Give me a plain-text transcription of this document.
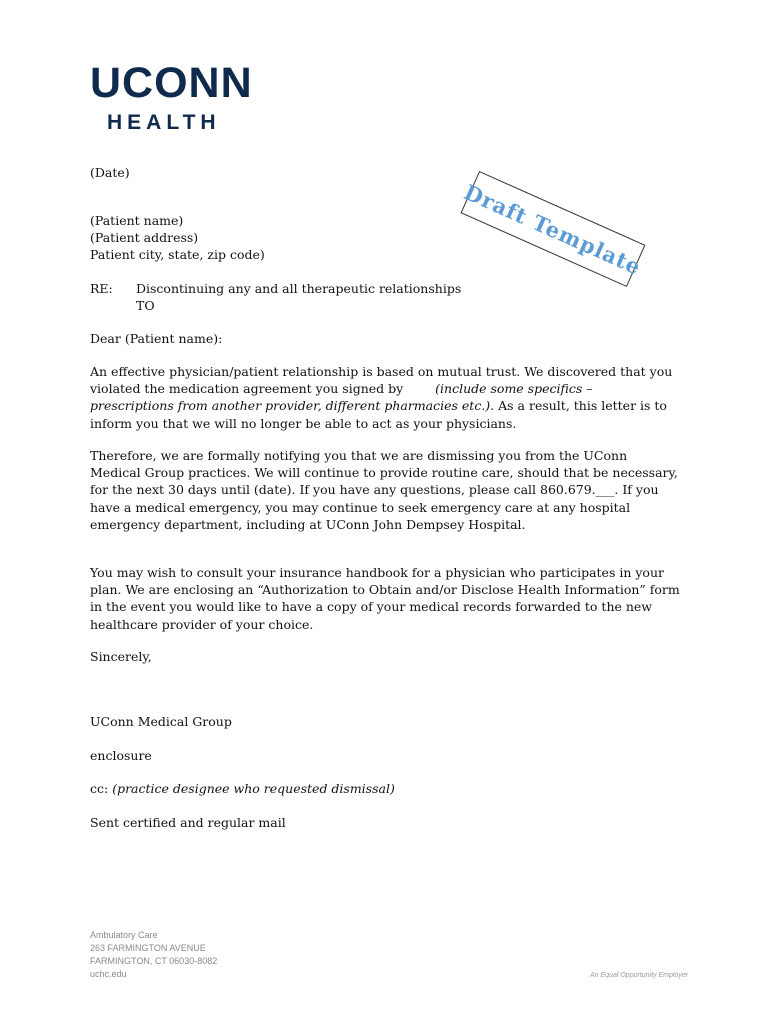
UCONN
HEALTH
Draft Template
(Date)
(Patient name)
(Patient address)
Patient city, state, zip code)
RE: Discontinuing any and all therapeutic relationships
TO
Dear (Patient name):
An effective physician/patient relationship is based on mutual trust. We discovered that you violated the medication agreement you signed by	(include some specifics – prescriptions from another provider, different pharmacies etc.). As a result, this letter is to inform you that we will no longer be able to act as your physicians.
Therefore, we are formally notifying you that we are dismissing you from the UConn Medical Group practices. We will continue to provide routine care, should that be necessary, for the next 30 days until (date). If you have any questions, please call 860.679.___. If you have a medical emergency, you may continue to seek emergency care at any hospital emergency department, including at UConn John Dempsey Hospital.
You may wish to consult your insurance handbook for a physician who participates in your plan. We are enclosing an “Authorization to Obtain and/or Disclose Health Information” form in the event you would like to have a copy of your medical records forwarded to the new healthcare provider of your choice.
Sincerely,
UConn Medical Group
enclosure
cc: (practice designee who requested dismissal)
Sent certified and regular mail
Ambulatory Care
263 FARMINGTON AVENUE
FARMINGTON, CT 06030-8082
uchc.edu	An Equal Opportunity Employer
